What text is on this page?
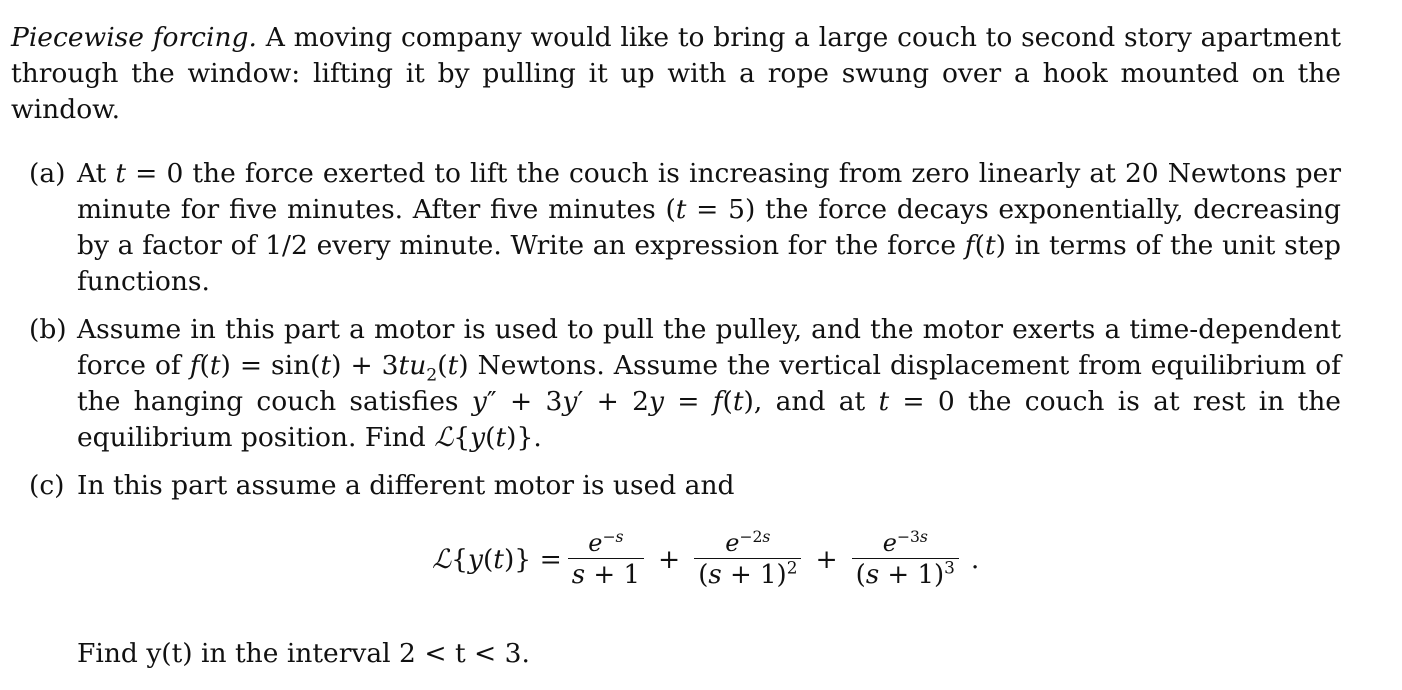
Piecewise forcing. A moving company would like to bring a large couch to second story apartment through the window: lifting it by pulling it up with a rope swung over a hook mounted on the window.

(a) At t = 0 the force exerted to lift the couch is increasing from zero linearly at 20 Newtons per minute for five minutes. After five minutes (t = 5) the force decays exponentially, decreasing by a factor of 1/2 every minute. Write an expression for the force f(t) in terms of the unit step functions.
(b) Assume in this part a motor is used to pull the pulley, and the motor exerts a time-dependent force of $f(t) = \sin(t) + 3tu_2(t)$ Newtons. Assume the vertical displacement from equilibrium of the hanging couch satisfies y″ + 3y′ + 2y = f(t), and at t = 0 the couch is at rest in the equilibrium position. Find ℒ{y(t)}.
(c) In this part assume a different motor is used and
ℒ{y(t)} = $\frac{e^{-s}}{s + 1} + \frac{e^{-2s}}{(s + 1)^2} + \frac{e^{-3s}}{(s + 1)^3}$ .
Find y(t) in the interval 2 < t < 3.
